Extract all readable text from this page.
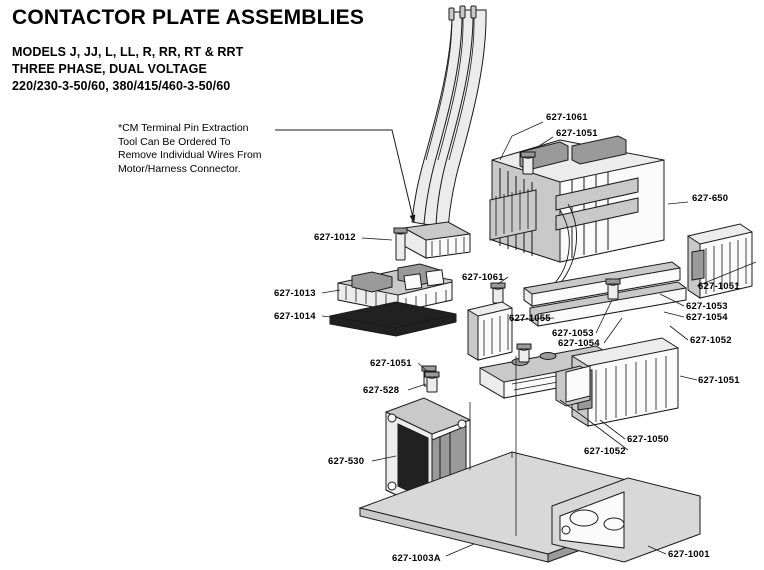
CONTACTOR PLATE ASSEMBLIES
MODELS J, JJ, L, LL, R, RR, RT & RRT
THREE PHASE, DUAL VOLTAGE
220/230-3-50/60, 380/415/460-3-50/60
*CM Terminal Pin Extraction
Tool Can Be Ordered To
Remove Individual Wires From
Motor/Harness Connector.
627-1061
627-1051
627-650
627-1012
627-1051
627-1061
627-1013
627-1053
627-1054
627-1014	627-1055
627-1053
627-1054	627-1052
627-1051
627-1051
627-528
627-1050
627-1052
627-530
627-1003A	627-1001
